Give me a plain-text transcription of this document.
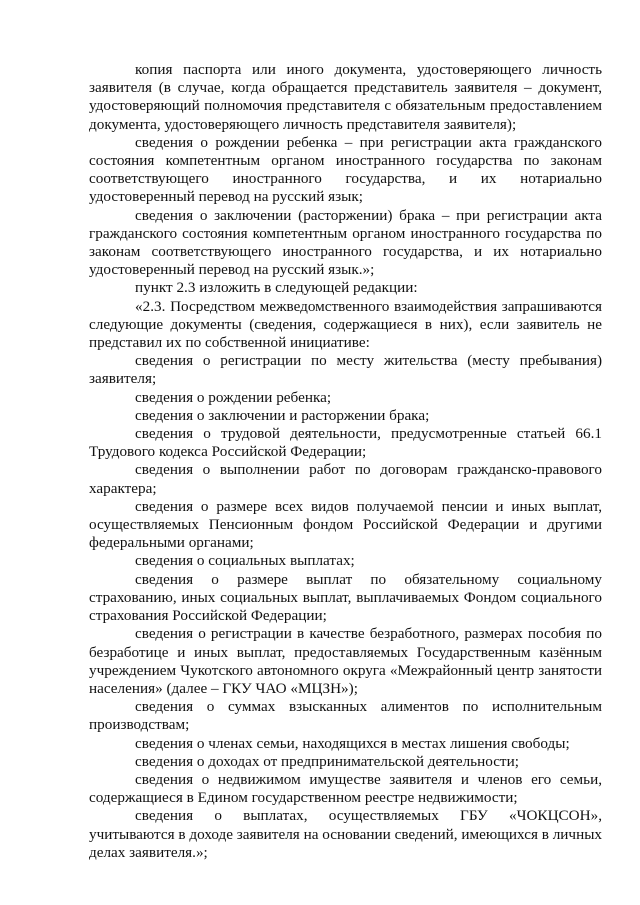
копия паспорта или иного документа, удостоверяющего личность заявителя (в случае, когда обращается представитель заявителя – документ, удостоверяющий полномочия представителя с обязательным предоставлением документа, удостоверяющего личность представителя заявителя);

сведения о рождении ребенка – при регистрации акта гражданского состояния компетентным органом иностранного государства по законам соответствующего иностранного государства, и их нотариально удостоверенный перевод на русский язык;

сведения о заключении (расторжении) брака – при регистрации акта гражданского состояния компетентным органом иностранного государства по законам соответствующего иностранного государства, и их нотариально удостоверенный перевод на русский язык.»;

пункт 2.3 изложить в следующей редакции:

«2.3. Посредством межведомственного взаимодействия запрашиваются следующие документы (сведения, содержащиеся в них), если заявитель не представил их по собственной инициативе:

сведения о регистрации по месту жительства (месту пребывания) заявителя;

сведения о рождении ребенка;

сведения о заключении и расторжении брака;

сведения о трудовой деятельности, предусмотренные статьей 66.1 Трудового кодекса Российской Федерации;

сведения о выполнении работ по договорам гражданско-правового характера;

сведения о размере всех видов получаемой пенсии и иных выплат, осуществляемых Пенсионным фондом Российской Федерации и другими федеральными органами;

сведения о социальных выплатах;

сведения о размере выплат по обязательному социальному страхованию, иных социальных выплат, выплачиваемых Фондом социального страхования Российской Федерации;

сведения о регистрации в качестве безработного, размерах пособия по безработице и иных выплат, предоставляемых Государственным казённым учреждением Чукотского автономного округа «Межрайонный центр занятости населения» (далее – ГКУ ЧАО «МЦЗН»);

сведения о суммах взысканных алиментов по исполнительным производствам;

сведения о членах семьи, находящихся в местах лишения свободы;

сведения о доходах от предпринимательской деятельности;

сведения о недвижимом имуществе заявителя и членов его семьи, содержащиеся в Едином государственном реестре недвижимости;

сведения о выплатах, осуществляемых ГБУ «ЧОКЦСОН», учитываются в доходе заявителя на основании сведений, имеющихся в личных делах заявителя.»;
